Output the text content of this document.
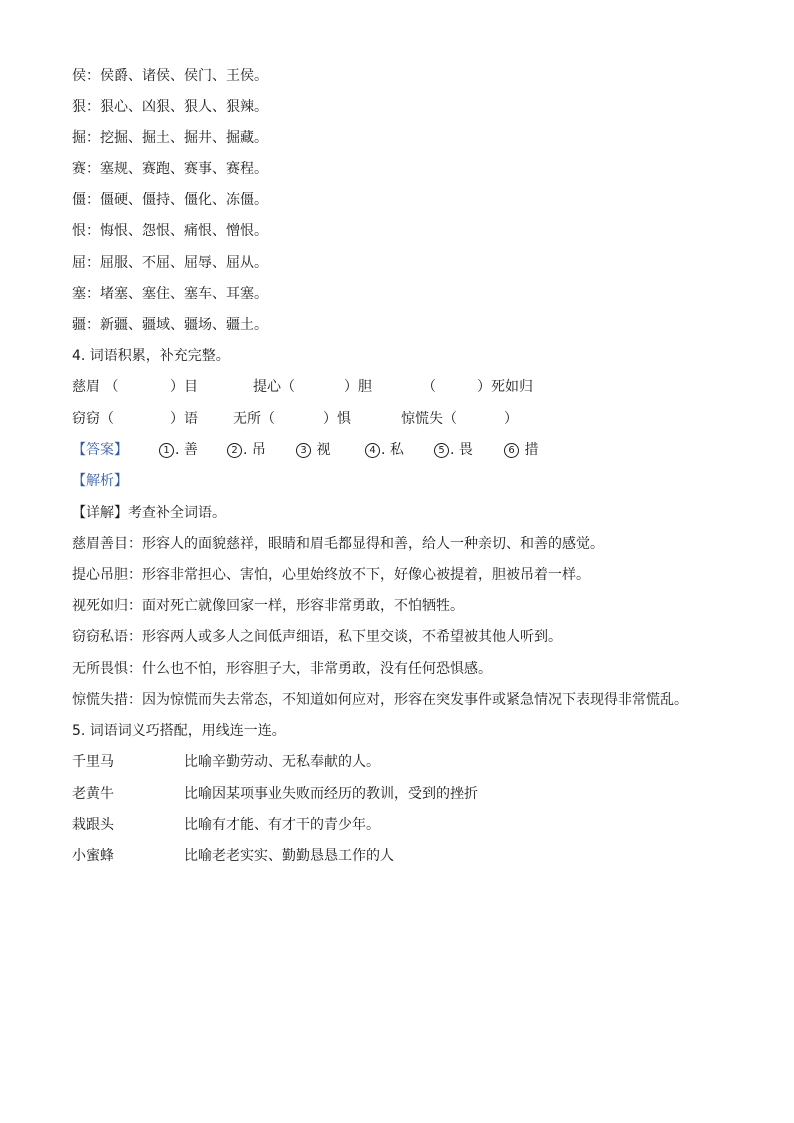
侯：侯爵、诸侯、侯门、王侯。
狠：狠心、凶狠、狠人、狠辣。
掘：挖掘、掘土、掘井、掘藏。
赛：塞规、赛跑、赛事、赛程。
僵：僵硬、僵持、僵化、冻僵。
恨：悔恨、怨恨、痛恨、憎恨。
屈：屈服、不屈、屈辱、屈从。
塞：堵塞、塞住、塞车、耳塞。
疆：新疆、疆域、疆场、疆土。
4. 词语积累，补充完整。
慈眉 （	）目	提心（	）胆	（	）死如归
窃窃（	）语	无所（	）惧	惊慌失（	）
【答案】	1 . 善	2 . 吊	3 视	4 . 私	5 . 畏	6 措
【解析】
【详解】考查补全词语。
慈眉善目：形容人的面貌慈祥，眼睛和眉毛都显得和善，给人一种亲切、和善的感觉。
提心吊胆：形容非常担心、害怕，心里始终放不下，好像心被提着，胆被吊着一样。
视死如归：面对死亡就像回家一样，形容非常勇敢，不怕牺牲。
窃窃私语：形容两人或多人之间低声细语，私下里交谈，不希望被其他人听到。
无所畏惧：什么也不怕，形容胆子大，非常勇敢，没有任何恐惧感。
惊慌失措：因为惊慌而失去常态，不知道如何应对，形容在突发事件或紧急情况下表现得非常慌乱。
5. 词语词义巧搭配，用线连一连。
千里马	比喻辛勤劳动、无私奉献的人。
老黄牛	比喻因某项事业失败而经历的教训，受到的挫折
栽跟头	比喻有才能、有才干的青少年。
小蜜蜂	比喻老老实实、勤勤恳恳工作的人
